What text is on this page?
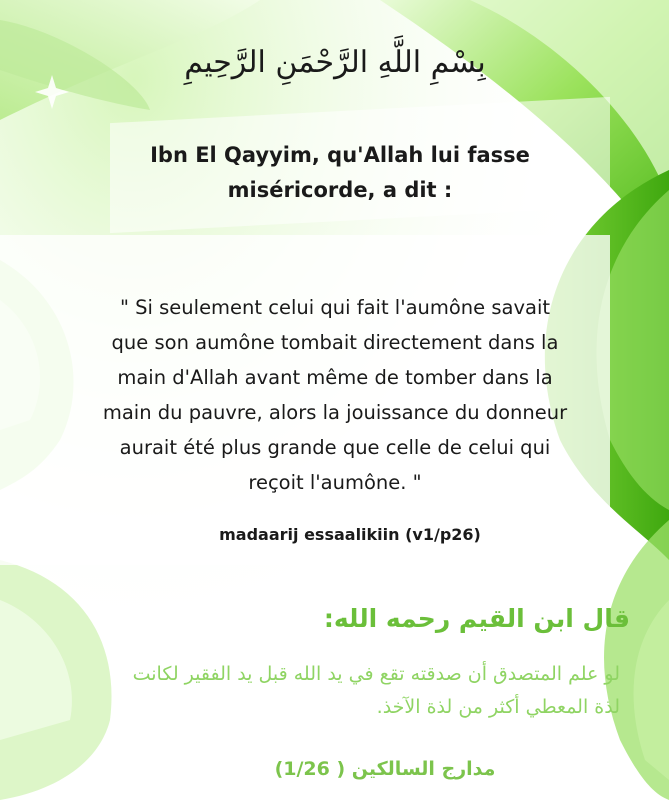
بِسْمِ اللَّهِ الرَّحْمَنِ الرَّحِيمِ
Ibn El Qayyim, qu'Allah lui fasse
miséricorde, a dit :
" Si seulement celui qui fait l'aumône savait
que son aumône tombait directement dans la
main d'Allah avant même de tomber dans la
main du pauvre, alors la jouissance du donneur
aurait été plus grande que celle de celui qui
reçoit l'aumône. "
madaarij essaalikiin (v1/p26)
قال ابن القيم رحمه الله:
لو علم المتصدق أن صدقته تقع في يد الله قبل يد الفقير لكانت
لذة المعطي أكثر من لذة الآخذ.
مدارج السالكين ( 1/26)
